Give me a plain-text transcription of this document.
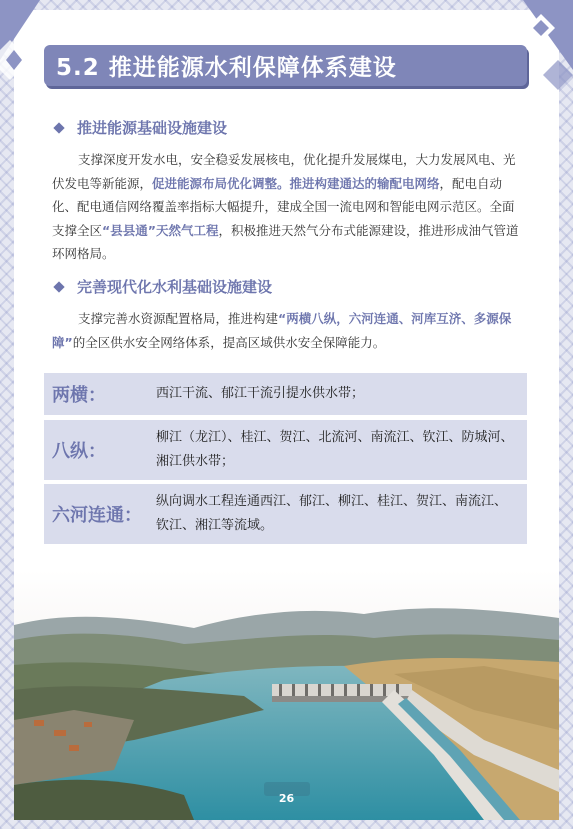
5.2 推进能源水利保障体系建设
推进能源基础设施建设
支撑深度开发水电，安全稳妥发展核电，优化提升发展煤电，大力发展风电、光伏发电等新能源，促进能源布局优化调整。推进构建通达的输配电网络，配电自动化、配电通信网络覆盖率指标大幅提升，建成全国一流电网和智能电网示范区。全面支撑全区“县县通”天然气工程，积极推进天然气分布式能源建设，推进形成油气管道环网格局。
完善现代化水利基础设施建设
支撑完善水资源配置格局，推进构建“两横八纵，六河连通、河库互济、多源保障”的全区供水安全网络体系，提高区域供水安全保障能力。
两横：	西江干流、郁江干流引提水供水带；
八纵：
柳江（龙江）、桂江、贺江、北流河、南流江、钦江、防城河、湘江供水带；
六河连通：
纵向调水工程连通西江、郁江、柳江、桂江、贺江、南流江、钦江、湘江等流域。
26
